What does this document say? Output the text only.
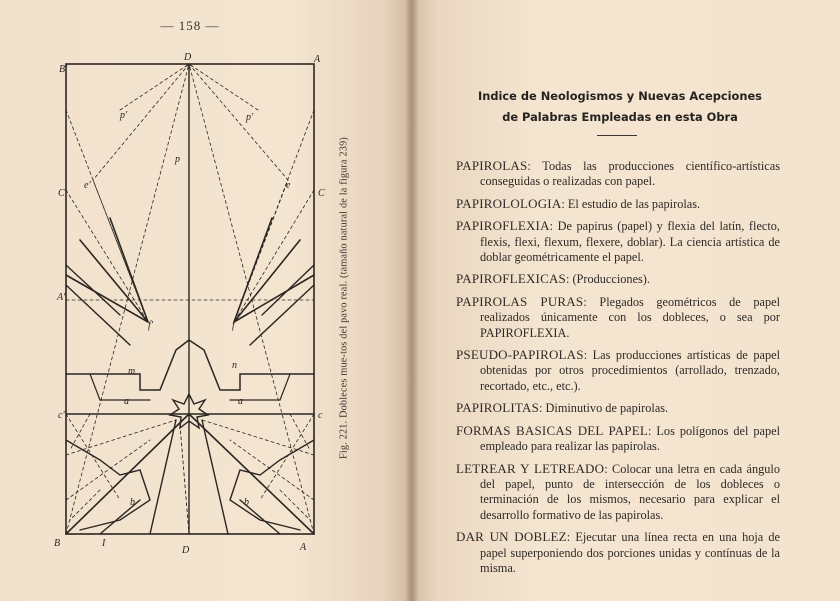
— 158 —
B'
D	A
C'	C
A'
c'	c
B
D	A
p'	p'
p
e'	e
f'	f
m
n
a	a
b	b
I
Fig. 221. Dobleces mue‑tos del pavo real. (tamaño natural de la figura 239)
Indice de Neologismos y Nuevas Acepciones
de Palabras Empleadas en esta Obra

PAPIROLAS: Todas las producciones científico-artísticas conseguidas o realizadas con papel.

PAPIROLOLOGIA: El estudio de las papirolas.

PAPIROFLEXIA: De papirus (papel) y flexia del latín, flecto, flexis, flexi, flexum, flexere, doblar). La ciencia artística de doblar geométricamente el papel.

PAPIROFLEXICAS: (Producciones).

PAPIROLAS PURAS: Plegados geométricos de papel realizados únicamente con los dobleces, o sea por PAPIROFLEXIA.

PSEUDO-PAPIROLAS: Las producciones artísticas de papel obtenidas por otros procedimientos (arrollado, trenzado, recortado, etc., etc.).

PAPIROLITAS: Diminutivo de papirolas.

FORMAS BASICAS DEL PAPEL: Los polígonos del papel empleado para realizar las papirolas.

LETREAR Y LETREADO: Colocar una letra en cada ángulo del papel, punto de intersección de los dobleces o terminación de los mismos, necesario para explicar el desarrollo formativo de las papirolas.

DAR UN DOBLEZ: Ejecutar una línea recta en una hoja de papel superponiendo dos porciones unidas y contínuas de la misma.
